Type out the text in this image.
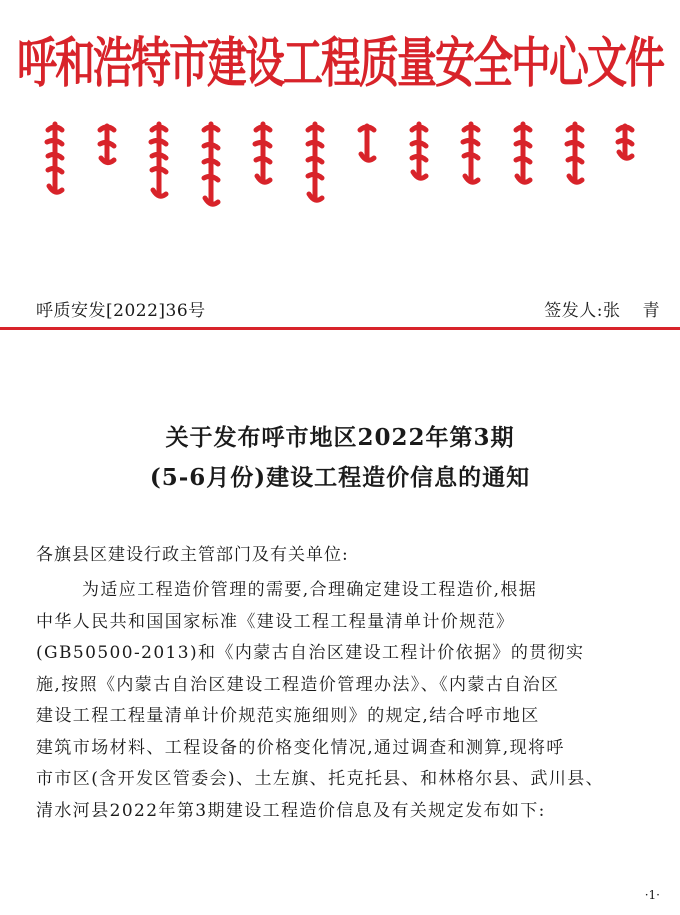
呼和浩特市建设工程质量安全中心文件
呼质安发[2022]36号	签发人:张 青
关于发布呼市地区2022年第3期
(5-6月份)建设工程造价信息的通知
各旗县区建设行政主管部门及有关单位:
为适应工程造价管理的需要,合理确定建设工程造价,根据
中华人民共和国国家标准《建设工程工程量清单计价规范》
(GB50500-2013)和《内蒙古自治区建设工程计价依据》的贯彻实
施,按照《内蒙古自治区建设工程造价管理办法》、《内蒙古自治区
建设工程工程量清单计价规范实施细则》的规定,结合呼市地区
建筑市场材料、工程设备的价格变化情况,通过调查和测算,现将呼
市市区(含开发区管委会)、土左旗、托克托县、和林格尔县、武川县、
清水河县2022年第3期建设工程造价信息及有关规定发布如下:
·1·
